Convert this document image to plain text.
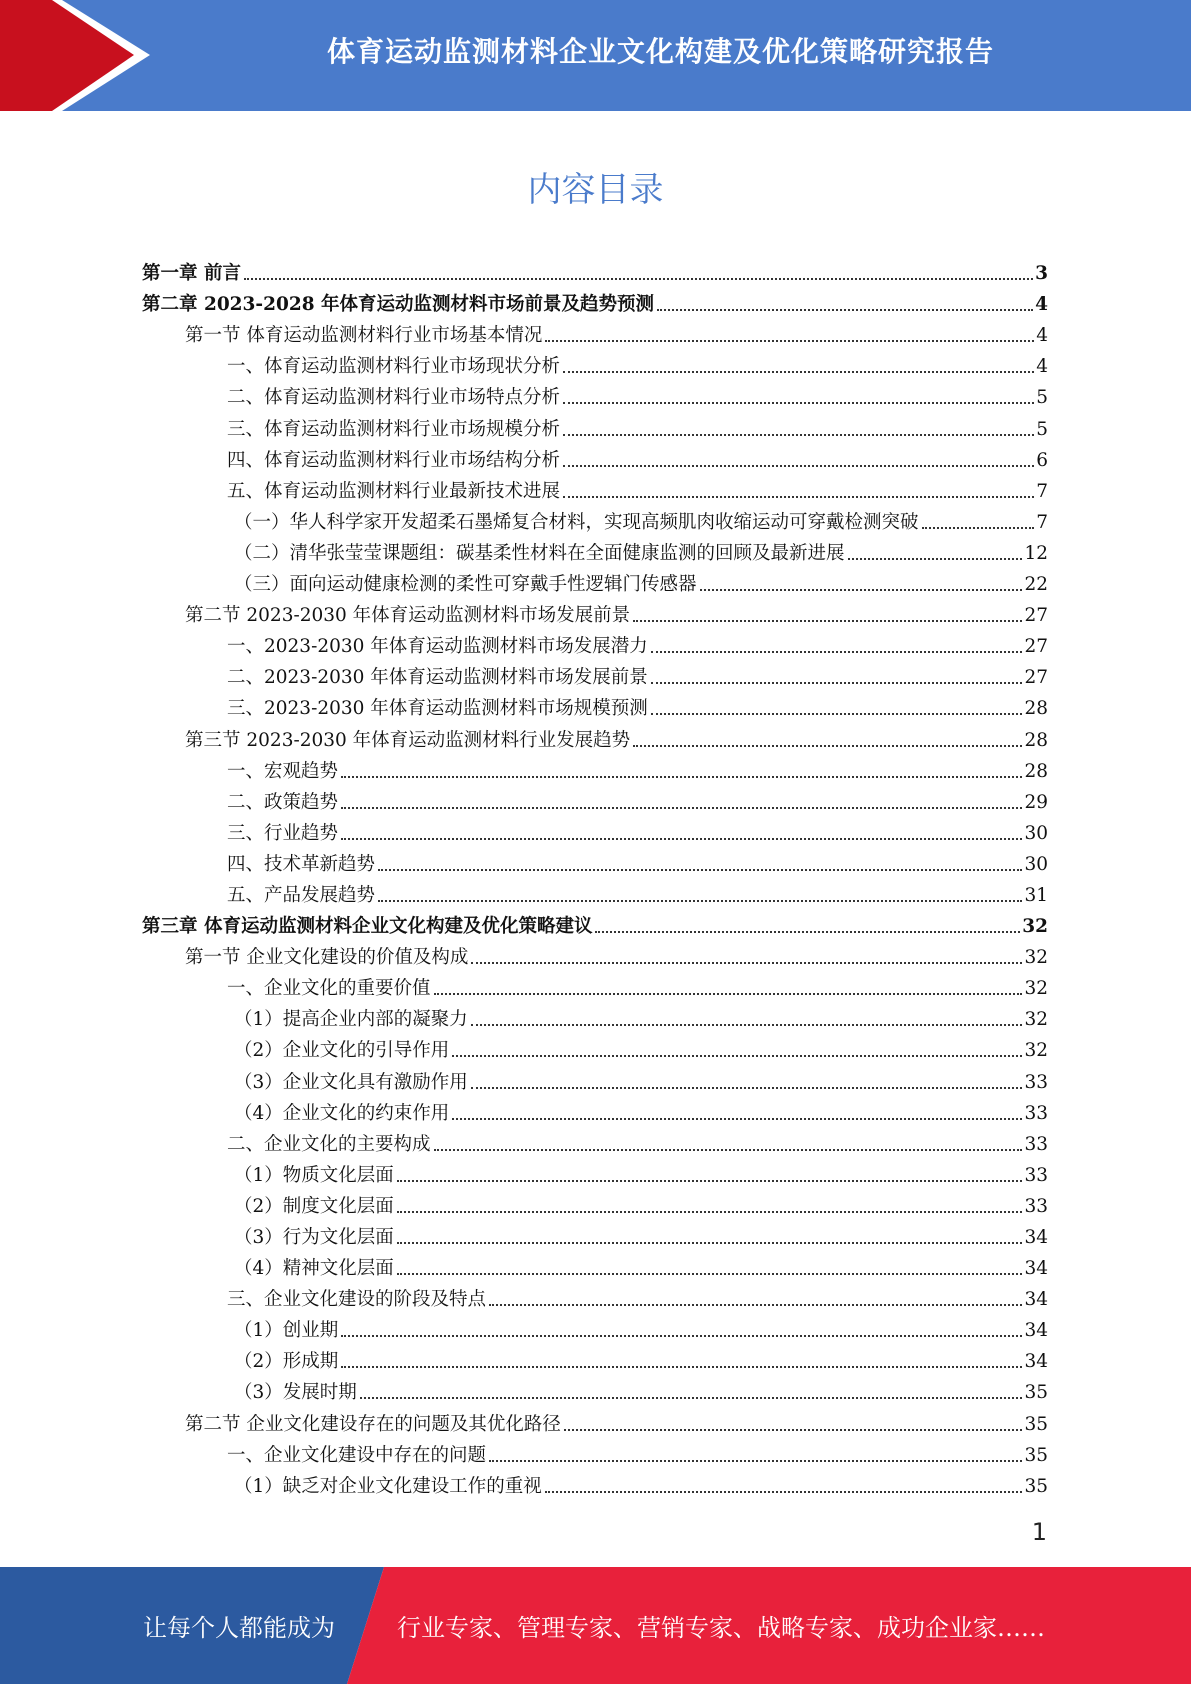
体育运动监测材料企业文化构建及优化策略研究报告
内容目录
第一章 前言	3
第二章 2023-2028 年体育运动监测材料市场前景及趋势预测	4
第一节 体育运动监测材料行业市场基本情况	4
一、体育运动监测材料行业市场现状分析	4
二、体育运动监测材料行业市场特点分析	5
三、体育运动监测材料行业市场规模分析	5
四、体育运动监测材料行业市场结构分析	6
五、体育运动监测材料行业最新技术进展	7
（一）华人科学家开发超柔石墨烯复合材料，实现高频肌肉收缩运动可穿戴检测突破	7
（二）清华张莹莹课题组：碳基柔性材料在全面健康监测的回顾及最新进展	12
（三）面向运动健康检测的柔性可穿戴手性逻辑门传感器	22
第二节 2023-2030 年体育运动监测材料市场发展前景	27
一、2023-2030 年体育运动监测材料市场发展潜力	27
二、2023-2030 年体育运动监测材料市场发展前景	27
三、2023-2030 年体育运动监测材料市场规模预测	28
第三节 2023-2030 年体育运动监测材料行业发展趋势	28
一、宏观趋势	28
二、政策趋势	29
三、行业趋势	30
四、技术革新趋势	30
五、产品发展趋势	31
第三章 体育运动监测材料企业文化构建及优化策略建议	32
第一节 企业文化建设的价值及构成	32
一、企业文化的重要价值	32
（1）提高企业内部的凝聚力	32
（2）企业文化的引导作用	32
（3）企业文化具有激励作用	33
（4）企业文化的约束作用	33
二、企业文化的主要构成	33
（1）物质文化层面	33
（2）制度文化层面	33
（3）行为文化层面	34
（4）精神文化层面	34
三、企业文化建设的阶段及特点	34
（1）创业期	34
（2）形成期	34
（3）发展时期	35
第二节 企业文化建设存在的问题及其优化路径	35
一、企业文化建设中存在的问题	35
（1）缺乏对企业文化建设工作的重视	35
1
让每个人都能成为	行业专家、管理专家、营销专家、战略专家、成功企业家……
